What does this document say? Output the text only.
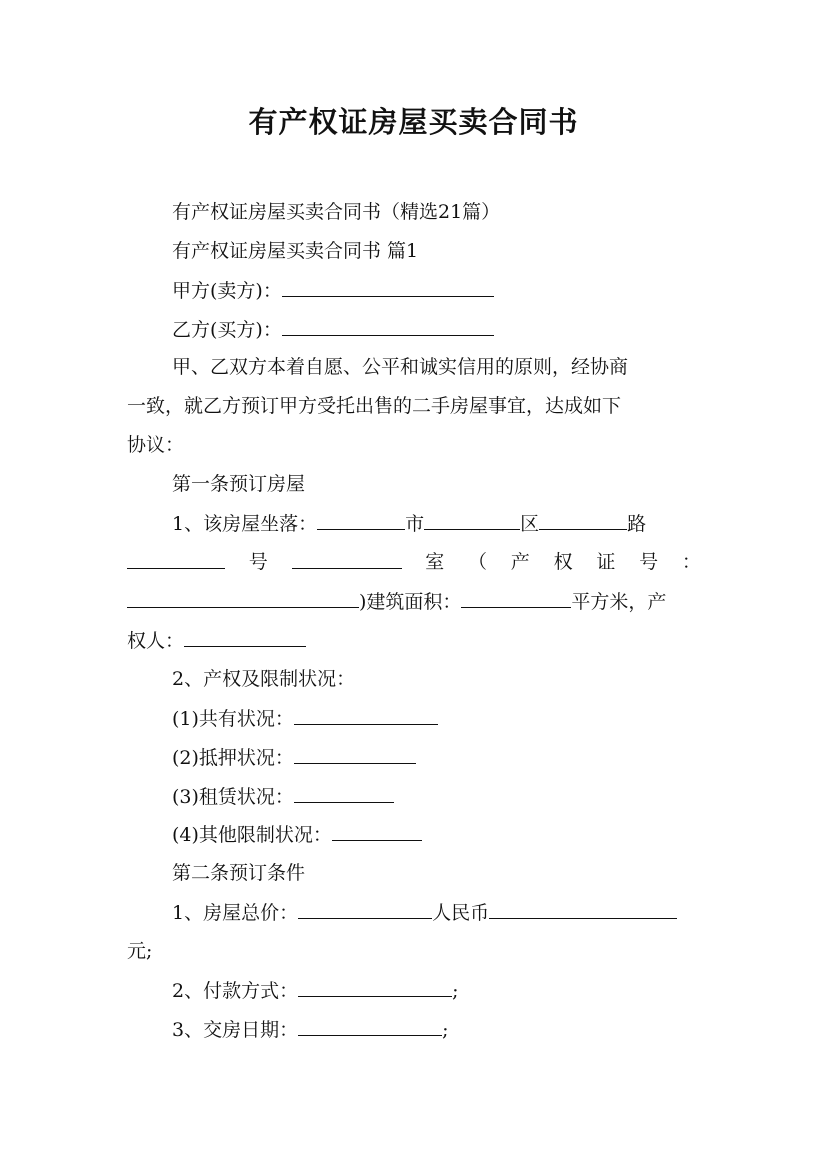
有产权证房屋买卖合同书
有产权证房屋买卖合同书（精选21篇）
有产权证房屋买卖合同书 篇1
甲方(卖方)：
乙方(买方)：
甲、乙双方本着自愿、公平和诚实信用的原则，经协商
一致，就乙方预订甲方受托出售的二手房屋事宜，达成如下
协议：
第一条预订房屋
1、该房屋坐落：	市	区	路
号	室 （ 产 权 证 号 ：
)建筑面积：	平方米，产
权人：
2、产权及限制状况：
(1)共有状况：
(2)抵押状况：
(3)租赁状况：
(4)其他限制状况：
第二条预订条件
1、房屋总价：	人民币
元;
2、付款方式：	;
3、交房日期：	;
